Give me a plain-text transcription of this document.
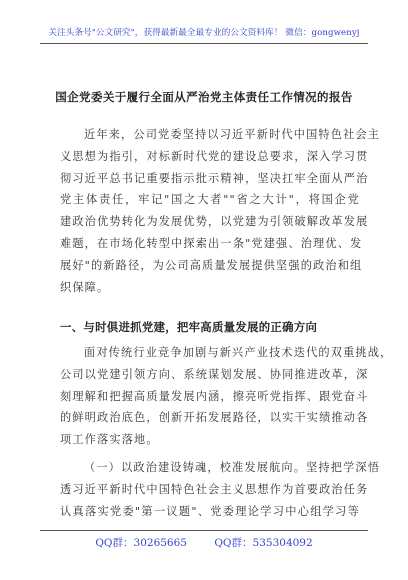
关注头条号"公文研究"，获得最新最全最专业的公文资料库！ 微信：gongwenyj
国企党委关于履行全面从严治党主体责任工作情况的报告
近年来，公司党委坚持以习近平新时代中国特色社会主
义思想为指引，对标新时代党的建设总要求，深入学习贯
彻习近平总书记重要指示批示精神，坚决扛牢全面从严治
党主体责任，牢记"国之大者""省之大计"，将国企党
建政治优势转化为发展优势，以党建为引领破解改革发展
难题，在市场化转型中探索出一条"党建强、治理优、发
展好"的新路径，为公司高质量发展提供坚强的政治和组
织保障。
一、与时俱进抓党建，把牢高质量发展的正确方向
面对传统行业竞争加剧与新兴产业技术迭代的双重挑战，
公司以党建引领方向、系统谋划发展、协同推进改革，深
刻理解和把握高质量发展内涵，擦亮听党指挥、跟党奋斗
的鲜明政治底色，创新开拓发展路径，以实干实绩推动各
项工作落实落地。
（一）以政治建设铸魂，校准发展航向。坚持把学深悟
透习近平新时代中国特色社会主义思想作为首要政治任务
认真落实党委"第一议题"、党委理论学习中心组学习等
QQ群：30265665	QQ群：535304092
